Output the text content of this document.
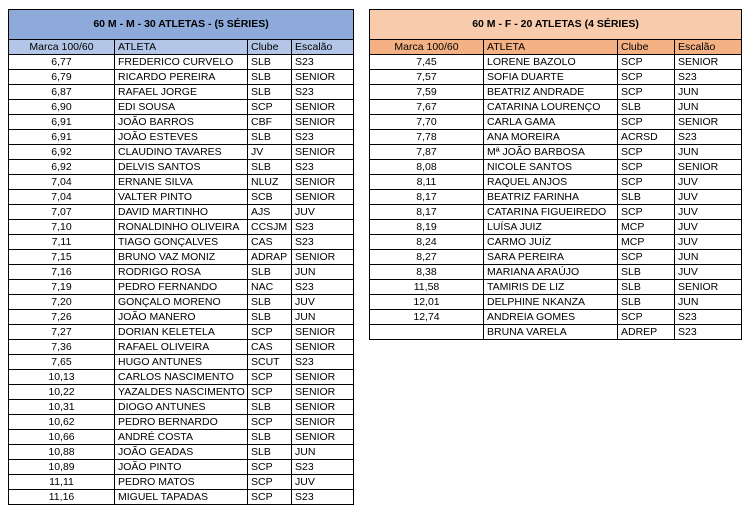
60 M - M - 30 ATLETAS - (5 SÉRIES)			
Marca 100/60	ATLETA	Clube	Escalão
6,77	FREDERICO CURVELO	SLB	S23
6,79	RICARDO PEREIRA	SLB	SENIOR
6,87	RAFAEL JORGE	SLB	S23
6,90	EDI SOUSA	SCP	SENIOR
6,91	JOÃO BARROS	CBF	SENIOR
6,91	JOÃO ESTEVES	SLB	S23
6,92	CLAUDINO TAVARES	JV	SENIOR
6,92	DELVIS SANTOS	SLB	S23
7,04	ERNANE SILVA	NLUZ	SENIOR
7,04	VALTER PINTO	SCB	SENIOR
7,07	DAVID MARTINHO	AJS	JUV
7,10	RONALDINHO OLIVEIRA	CCSJM	S23
7,11	TIAGO GONÇALVES	CAS	S23
7,15	BRUNO VAZ MONIZ	ADRAP	SENIOR
7,16	RODRIGO ROSA	SLB	JUN
7,19	PEDRO FERNANDO	NAC	S23
7,20	GONÇALO MORENO	SLB	JUV
7,26	JOÃO MANERO	SLB	JUN
7,27	DORIAN KELETELA	SCP	SENIOR
7,36	RAFAEL OLIVEIRA	CAS	SENIOR
7,65	HUGO ANTUNES	SCUT	S23
10,13	CARLOS NASCIMENTO	SCP	SENIOR
10,22	YAZALDES NASCIMENTO	SCP	SENIOR
10,31	DIOGO ANTUNES	SLB	SENIOR
10,62	PEDRO BERNARDO	SCP	SENIOR
10,66	ANDRÉ COSTA	SLB	SENIOR
10,88	JOÃO GEADAS	SLB	JUN
10,89	JOÃO PINTO	SCP	S23
11,11	PEDRO MATOS	SCP	JUV
11,16	MIGUEL TAPADAS	SCP	S23
60 M - F - 20 ATLETAS (4 SÉRIES)			
Marca 100/60	ATLETA	Clube	Escalão
7,45	LORENE BAZOLO	SCP	SENIOR
7,57	SOFIA DUARTE	SCP	S23
7,59	BEATRIZ ANDRADE	SCP	JUN
7,67	CATARINA LOURENÇO	SLB	JUN
7,70	CARLA GAMA	SCP	SENIOR
7,78	ANA MOREIRA	ACRSD	S23
7,87	Mª JOÃO BARBOSA	SCP	JUN
8,08	NICOLE SANTOS	SCP	SENIOR
8,11	RAQUEL ANJOS	SCP	JUV
8,17	BEATRIZ FARINHA	SLB	JUV
8,17	CATARINA FIGUEIREDO	SCP	JUV
8,19	LUÍSA JUIZ	MCP	JUV
8,24	CARMO JUÍZ	MCP	JUV
8,27	SARA PEREIRA	SCP	JUN
8,38	MARIANA ARAÚJO	SLB	JUV
11,58	TAMIRIS DE LIZ	SLB	SENIOR
12,01	DELPHINE NKANZA	SLB	JUN
12,74	ANDREIA GOMES	SCP	S23
	BRUNA VARELA	ADREP	S23
